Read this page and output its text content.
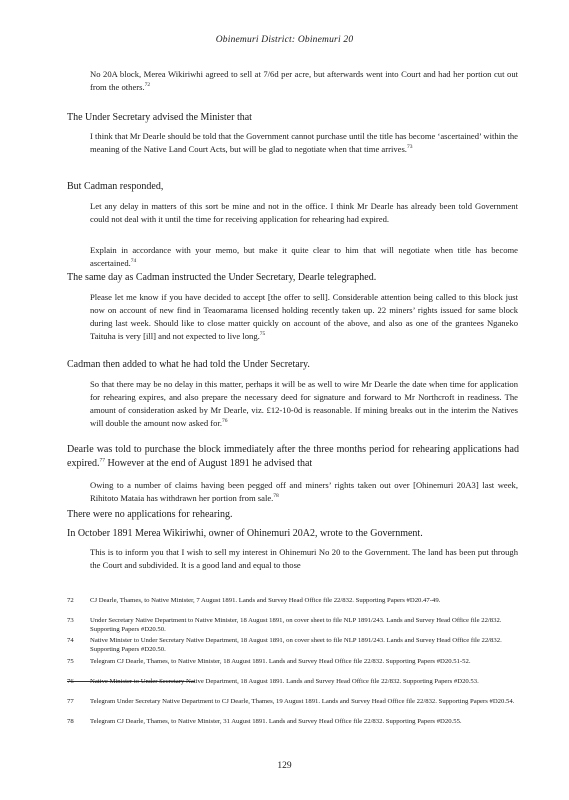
Obinemuri District: Obinemuri 20

No 20A block, Merea Wikiriwhi agreed to sell at 7/6d per acre, but afterwards went into Court and had her portion cut out from the others.$^{72}$

The Under Secretary advised the Minister that

I think that Mr Dearle should be told that the Government cannot purchase until the title has become ‘ascertained’ within the meaning of the Native Land Court Acts, but will be glad to negotiate when that time arrives.$^{73}$

But Cadman responded,

Let any delay in matters of this sort be mine and not in the office. I think Mr Dearle has already been told Government could not deal with it until the time for receiving application for rehearing had expired.

Explain in accordance with your memo, but make it quite clear to him that will negotiate when title has become ascertained.$^{74}$

The same day as Cadman instructed the Under Secretary, Dearle telegraphed.

Please let me know if you have decided to accept [the offer to sell]. Considerable attention being called to this block just now on account of new find in Teaomarama licensed holding recently taken up. 22 miners’ rights issued for same block during last week. Should like to close matter quickly on account of the above, and also as one of the grantees Nganeko Taituha is very [ill] and not expected to live long.$^{75}$

Cadman then added to what he had told the Under Secretary.

So that there may be no delay in this matter, perhaps it will be as well to wire Mr Dearle the date when time for application for rehearing expires, and also prepare the necessary deed for signature and forward to Mr Northcroft in readiness. The amount of consideration asked by Mr Dearle, viz. £12-10-0d is reasonable. If mining breaks out in the interim the Natives will double the amount now asked for.$^{76}$

Dearle was told to purchase the block immediately after the three months period for rehearing applications had expired.$^{77}$ However at the end of August 1891 he advised that

Owing to a number of claims having been pegged off and miners’ rights taken out over [Ohinemuri 20A3] last week, Rihitoto Mataia has withdrawn her portion from sale.$^{78}$

There were no applications for rehearing.

In October 1891 Merea Wikiriwhi, owner of Ohinemuri 20A2, wrote to the Government.

This is to inform you that I wish to sell my interest in Ohinemuri No 20 to the Government. The land has been put through the Court and subdivided. It is a good land and equal to those

72	CJ Dearle, Thames, to Native Minister, 7 August 1891. Lands and Survey Head Office file 22/832. Supporting Papers #D20.47-49.
73	Under Secretary Native Department to Native Minister, 18 August 1891, on cover sheet to file NLP 1891/243. Lands and Survey Head Office file 22/832. Supporting Papers #D20.50.
74	Native Minister to Under Secretary Native Department, 18 August 1891, on cover sheet to file NLP 1891/243. Lands and Survey Head Office file 22/832. Supporting Papers #D20.50.
75	Telegram CJ Dearle, Thames, to Native Minister, 18 August 1891. Lands and Survey Head Office file 22/832. Supporting Papers #D20.51-52.
76	Native Minister to Under Secretary Native Department, 18 August 1891. Lands and Survey Head Office file 22/832. Supporting Papers #D20.53.
77	Telegram Under Secretary Native Department to CJ Dearle, Thames, 19 August 1891. Lands and Survey Head Office file 22/832. Supporting Papers #D20.54.
78	Telegram CJ Dearle, Thames, to Native Minister, 31 August 1891. Lands and Survey Head Office file 22/832. Supporting Papers #D20.55.
129
